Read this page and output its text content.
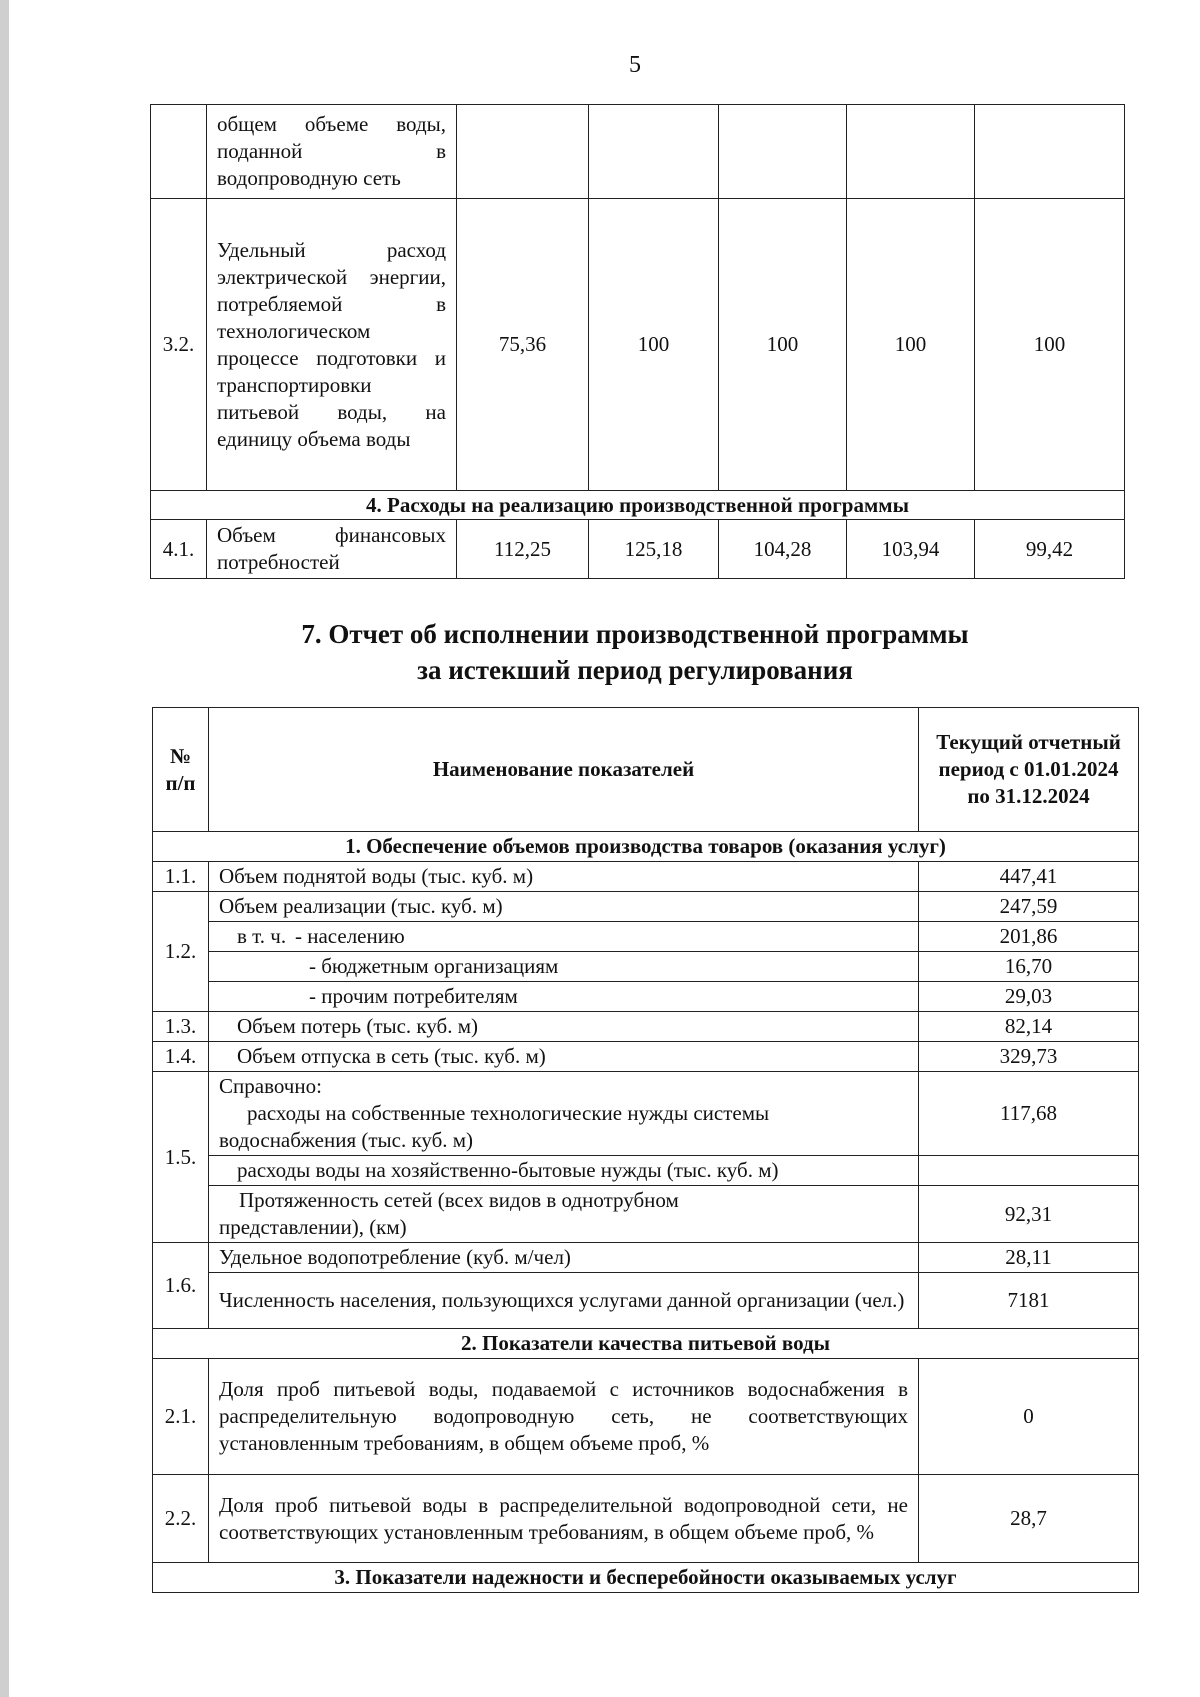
5
	общем объеме воды, поданной в водопроводную сеть					
3.2.	Удельный расход электрической энергии, потребляемой в технологическом процессе подготовки и транспортировки питьевой воды, на единицу объема воды	75,36	100	100	100	100
4. Расходы на реализацию производственной программы						
4.1.	Объем финансовых потребностей	112,25	125,18	104,28	103,94	99,42
7. Отчет об исполнении производственной программы
за истекший период регулирования
№ п/п	Наименование показателей	Текущий отчетный период с 01.01.2024 по 31.12.2024
1. Обеспечение объемов производства товаров (оказания услуг)		
1.1.	Объем поднятой воды (тыс. куб. м)	447,41
1.2.	Объем реализации (тыс. куб. м)	247,59
	в т. ч. - населению	201,86
	- бюджетным организациям	16,70
	- прочим потребителям	29,03
1.3.	Объем потерь (тыс. куб. м)	82,14
1.4.	Объем отпуска в сеть (тыс. куб. м)	329,73
1.5.	Справочно:
расходы на собственные технологические нужды системы
водоснабжения (тыс. куб. м)	117,68
	расходы воды на хозяйственно-бытовые нужды (тыс. куб. м)	

	Протяженность сетей (всех видов в однотрубном
представлении), (км)	92,31
1.6.	Удельное водопотребление (куб. м/чел)	28,11
	Численность населения, пользующихся услугами данной организации (чел.)	7181
2. Показатели качества питьевой воды		
2.1.	Доля проб питьевой воды, подаваемой с источников водоснабжения в распределительную водопроводную сеть, не соответствующих установленным требованиям, в общем объеме проб, %	0
2.2.	Доля проб питьевой воды в распределительной водопроводной сети, не соответствующих установленным требованиям, в общем объеме проб, %	28,7
3. Показатели надежности и бесперебойности оказываемых услуг		
